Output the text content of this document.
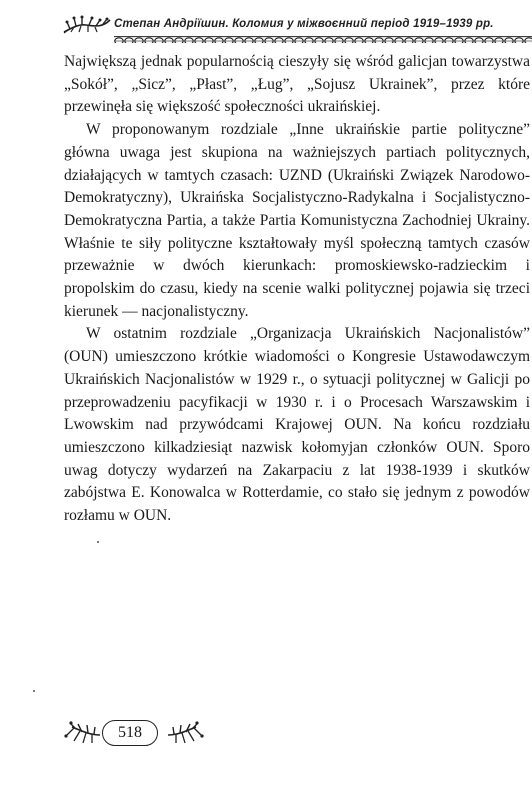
Степан Андріїшин. Коломия у міжвоєнний період 1919–1939 pp.

Największą jednak popularnością cieszyły się wśród galicjan towarzystwa „Sokół”, „Sicz”, „Płast”, „Ług”, „Sojusz Ukrainek”, przez które przewinęła się większość społeczności ukraińskiej.

W proponowanym rozdziale „Inne ukraińskie partie polityczne” główna uwaga jest skupiona na ważniejszych partiach politycznych, działających w tamtych czasach: UZND (Ukraiński Związek Narodowo-Demokratyczny), Ukraińska Socjalistyczno-Radykalna i Socjalistyczno-Demokratyczna Partia, a także Partia Komunistyczna Zachodniej Ukrainy. Właśnie te siły polityczne kształtowały myśl społeczną tamtych czasów przeważnie w dwóch kierunkach: promoskiewsko-radzieckim i propolskim do czasu, kiedy na scenie walki politycznej pojawia się trzeci kierunek — nacjonalistyczny.

W ostatnim rozdziale „Organizacja Ukraińskich Nacjonalistów” (OUN) umieszczono krótkie wiadomości o Kongresie Ustawodawczym Ukraińskich Nacjonalistów w 1929 r., o sytuacji politycznej w Galicji po przeprowadzeniu pacyfikacji w 1930 r. i o Procesach Warszawskim i Lwowskim nad przywódcami Krajowej OUN. Na końcu rozdziału umieszczono kilkadziesiąt nazwisk kołomyjan członków OUN. Sporo uwag dotyczy wydarzeń na Zakarpaciu z lat 1938-1939 i skutków zabójstwa E. Konowalca w Rotterdamie, co stało się jednym z powodów rozłamu w OUN.

518
